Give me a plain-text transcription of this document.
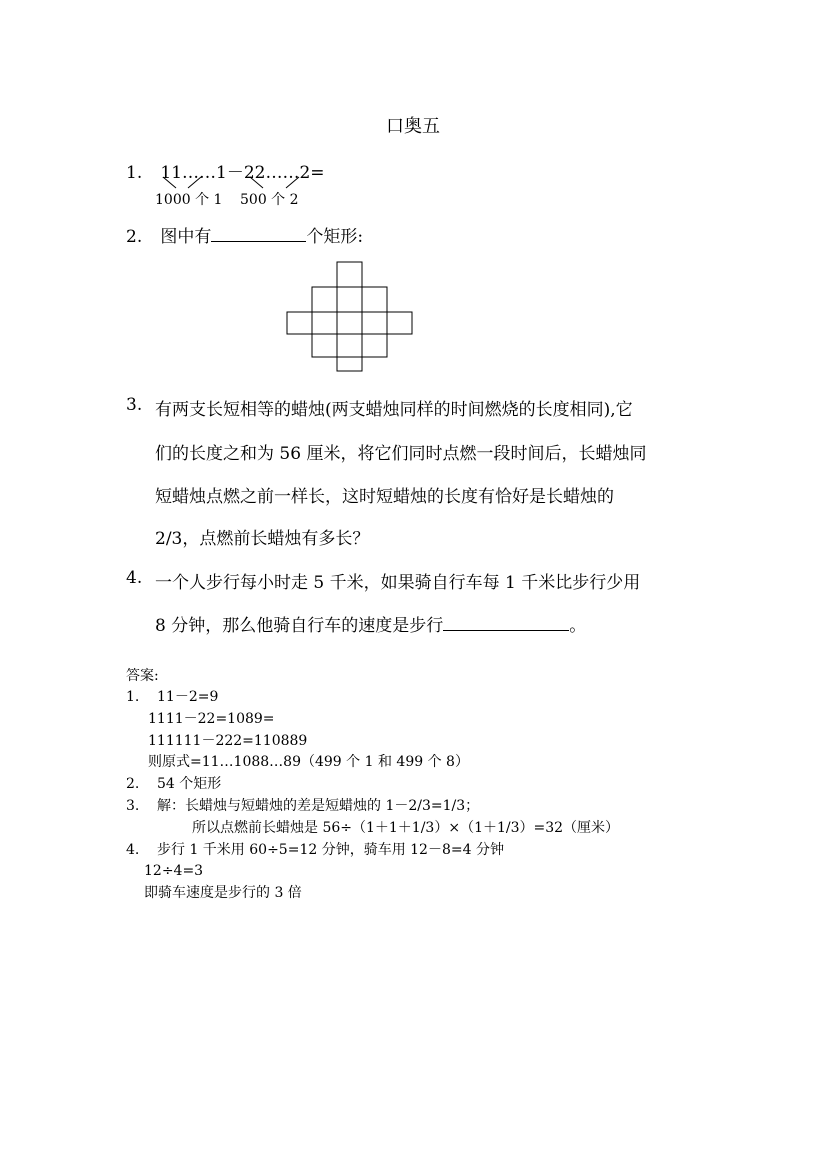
口奥五
1. 11……1－22……2=
1000 个 1 500 个 2
2. 图中有	个矩形:
3. 有两支长短相等的蜡烛(两支蜡烛同样的时间燃烧的长度相同),它
们的长度之和为 56 厘米，将它们同时点燃一段时间后，长蜡烛同
短蜡烛点燃之前一样长，这时短蜡烛的长度有恰好是长蜡烛的
2/3，点燃前长蜡烛有多长？
4. 一个人步行每小时走 5 千米，如果骑自行车每 1 千米比步行少用
8 分钟，那么他骑自行车的速度是步行	。
答案:
1. 11－2=9
1111－22=1089=
111111－222=110889
则原式=11…1088…89（499 个 1 和 499 个 8）
2. 54 个矩形
3. 解：长蜡烛与短蜡烛的差是短蜡烛的 1－2/3=1/3；
所以点燃前长蜡烛是 56÷（1＋1＋1/3）×（1＋1/3）=32（厘米）
4. 步行 1 千米用 60÷5=12 分钟，骑车用 12－8=4 分钟
12÷4=3
即骑车速度是步行的 3 倍
